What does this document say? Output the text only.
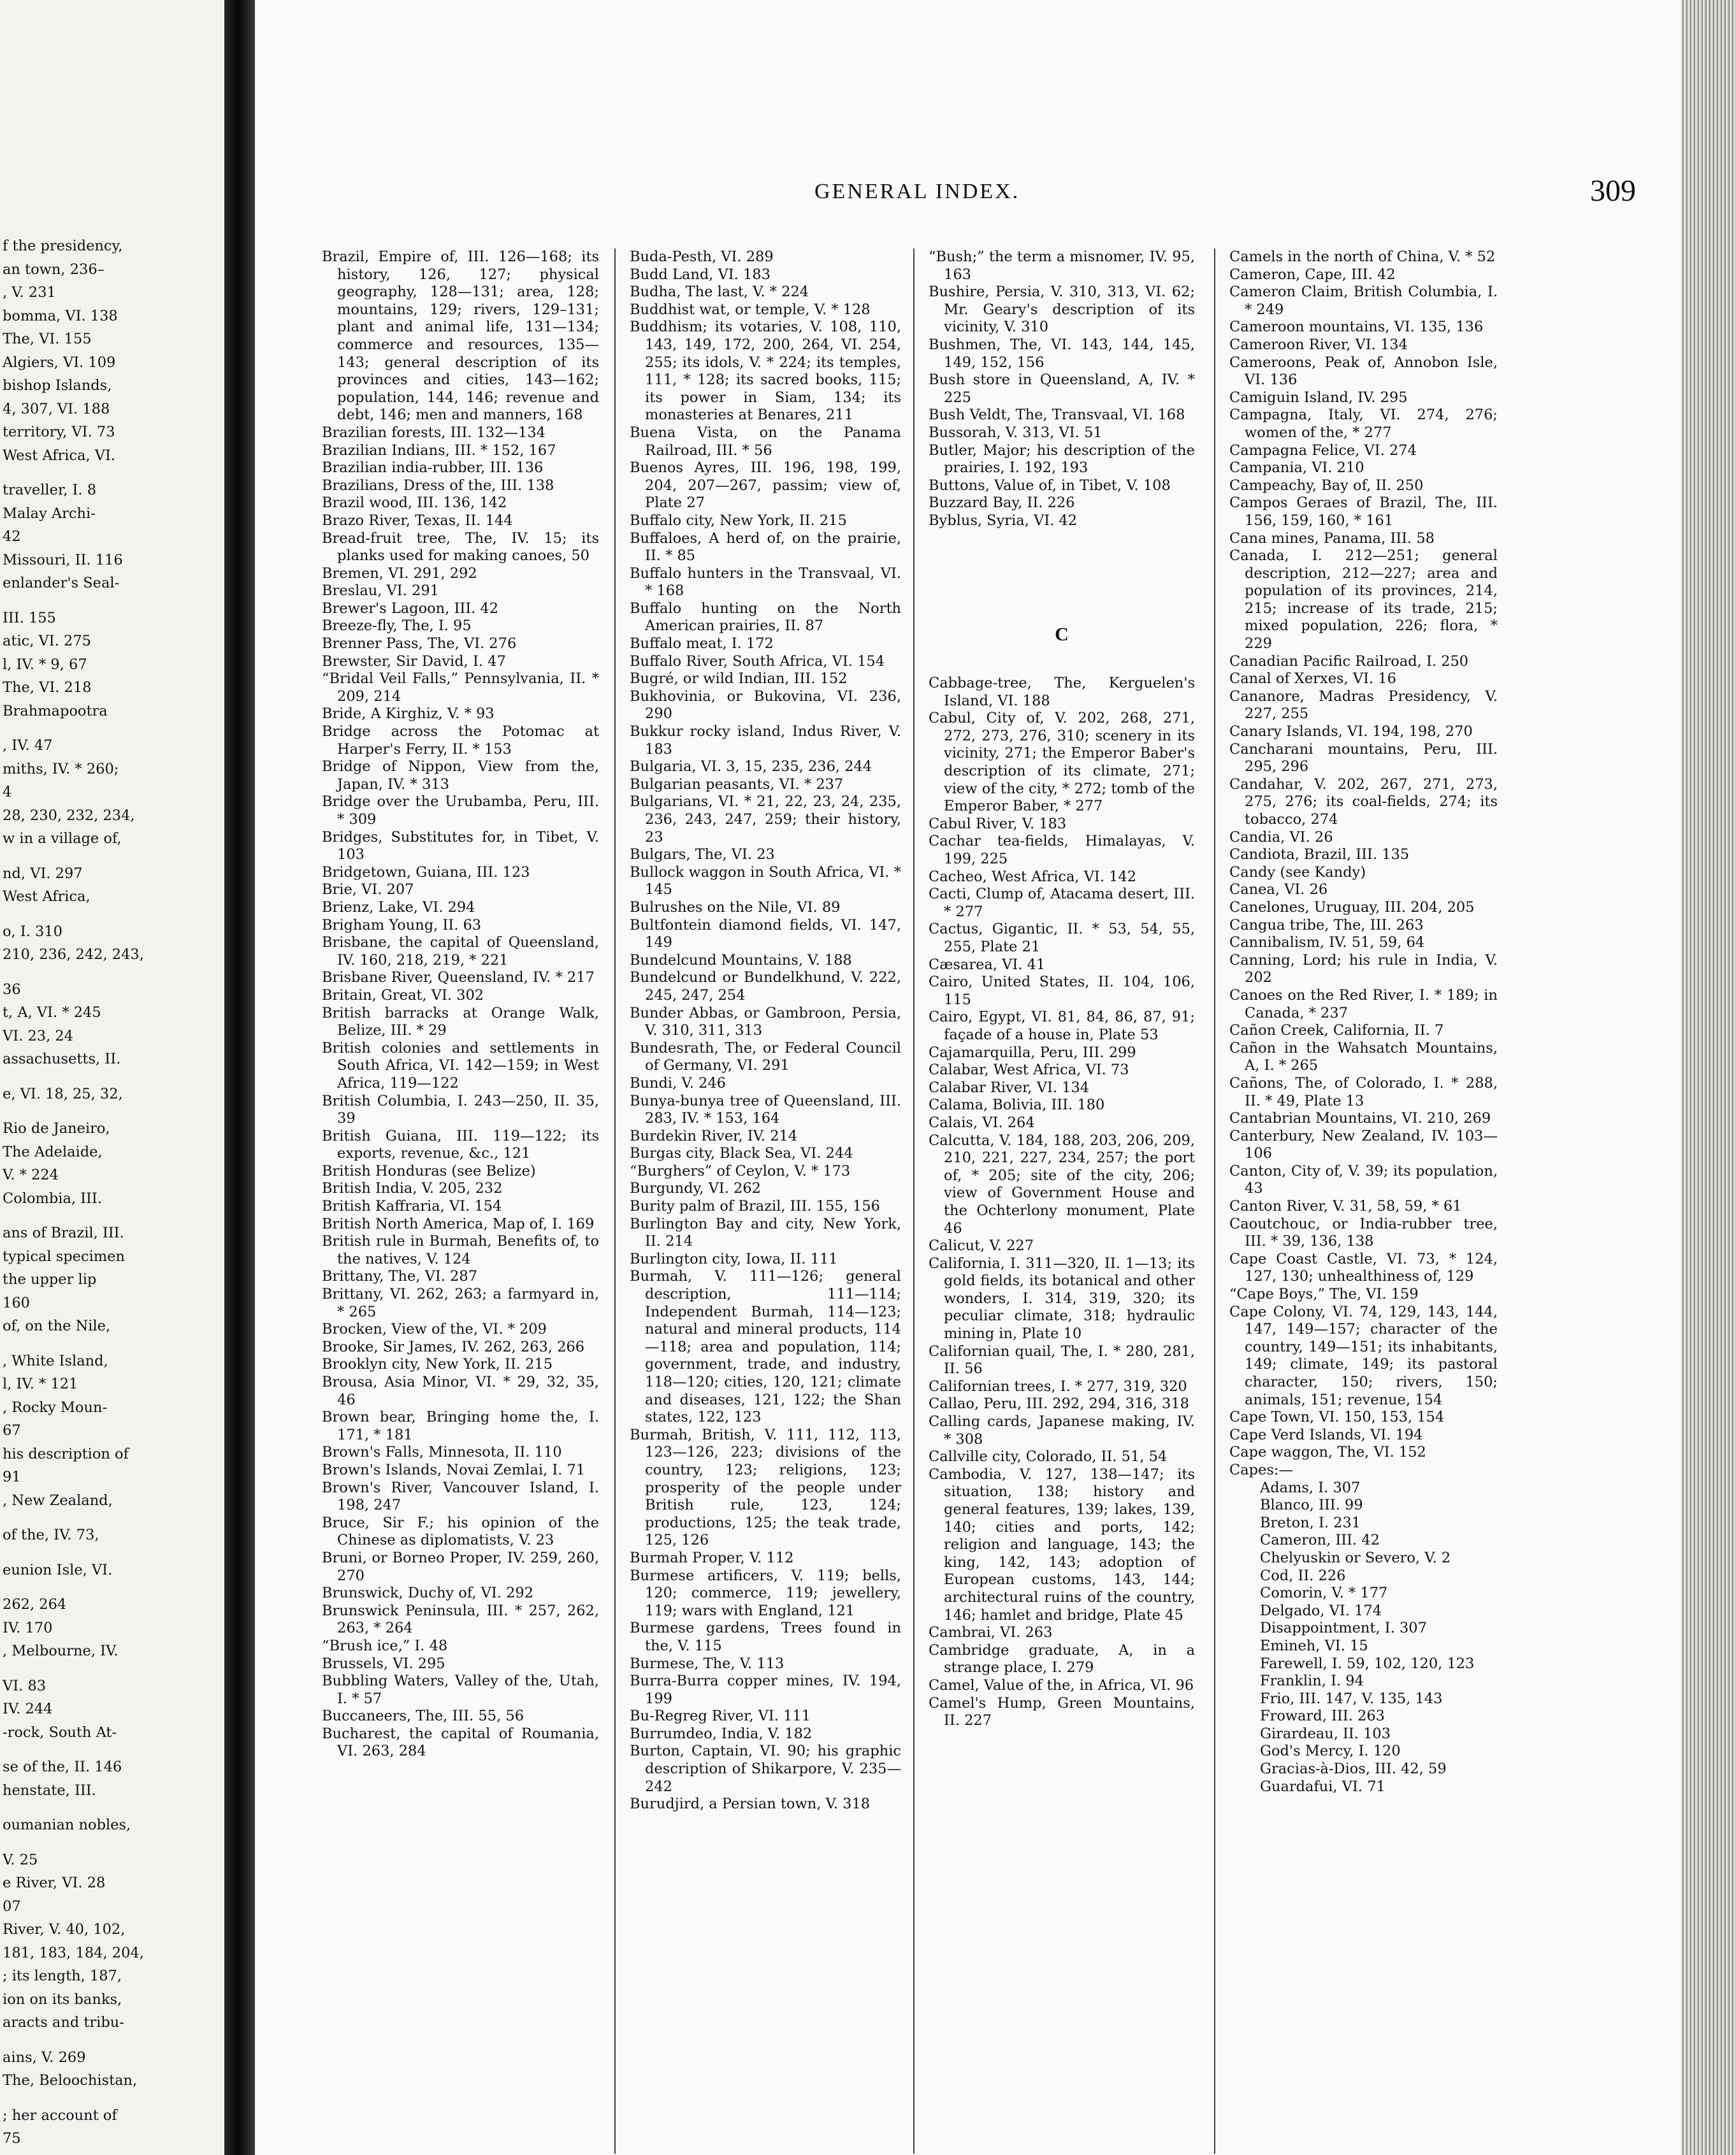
f the presidency,
an town, 236–
, V. 231
bomma, VI. 138
The, VI. 155
Algiers, VI. 109
bishop Islands,
4, 307, VI. 188
territory, VI. 73
West Africa, VI.
traveller, I. 8
Malay Archi-
42
Missouri, II. 116
enlander's Seal-
III. 155
atic, VI. 275
l, IV. * 9, 67
The, VI. 218
Brahmapootra
, IV. 47
miths, IV. * 260;
4
28, 230, 232, 234,
w in a village of,
nd, VI. 297
West Africa,
o, I. 310
210, 236, 242, 243,
36
t, A, VI. * 245
VI. 23, 24
assachusetts, II.
e, VI. 18, 25, 32,
Rio de Janeiro,
The Adelaide,
V. * 224
Colombia, III.
ans of Brazil, III.
typical specimen
the upper lip
160
of, on the Nile,
, White Island,
l, IV. * 121
, Rocky Moun-
67
his description of
91
, New Zealand,
of the, IV. 73,
eunion Isle, VI.
262, 264
IV. 170
, Melbourne, IV.
VI. 83
IV. 244
-rock, South At-
se of the, II. 146
henstate, III.
oumanian nobles,
V. 25
e River, VI. 28
07
River, V. 40, 102,
181, 183, 184, 204,
; its length, 187,
ion on its banks,
aracts and tribu-
ains, V. 269
The, Beloochistan,
; her account of
75
GENERAL INDEX.	309
Brazil, Empire of, III. 126—168; its history, 126, 127; physical geography, 128—131; area, 128; mountains, 129; rivers, 129–131; plant and animal life, 131—134; commerce and resources, 135—143; general description of its provinces and cities, 143—162; population, 144, 146; revenue and debt, 146; men and manners, 168
Brazilian forests, III. 132—134
Brazilian Indians, III. * 152, 167
Brazilian india-rubber, III. 136
Brazilians, Dress of the, III. 138
Brazil wood, III. 136, 142
Brazo River, Texas, II. 144
Bread-fruit tree, The, IV. 15; its planks used for making canoes, 50
Bremen, VI. 291, 292
Breslau, VI. 291
Brewer's Lagoon, III. 42
Breeze-fly, The, I. 95
Brenner Pass, The, VI. 276
Brewster, Sir David, I. 47
“Bridal Veil Falls,” Pennsylvania, II. * 209, 214
Bride, A Kirghiz, V. * 93
Bridge across the Potomac at Harper's Ferry, II. * 153
Bridge of Nippon, View from the, Japan, IV. * 313
Bridge over the Urubamba, Peru, III. * 309
Bridges, Substitutes for, in Tibet, V. 103
Bridgetown, Guiana, III. 123
Brie, VI. 207
Brienz, Lake, VI. 294
Brigham Young, II. 63
Brisbane, the capital of Queensland, IV. 160, 218, 219, * 221
Brisbane River, Queensland, IV. * 217
Britain, Great, VI. 302
British barracks at Orange Walk, Belize, III. * 29
British colonies and settlements in South Africa, VI. 142—159; in West Africa, 119—122
British Columbia, I. 243—250, II. 35, 39
British Guiana, III. 119—122; its exports, revenue, &c., 121
British Honduras (see Belize)
British India, V. 205, 232
British Kaffraria, VI. 154
British North America, Map of, I. 169
British rule in Burmah, Benefits of, to the natives, V. 124
Brittany, The, VI. 287
Brittany, VI. 262, 263; a farmyard in, * 265
Brocken, View of the, VI. * 209
Brooke, Sir James, IV. 262, 263, 266
Brooklyn city, New York, II. 215
Brousa, Asia Minor, VI. * 29, 32, 35, 46
Brown bear, Bringing home the, I. 171, * 181
Brown's Falls, Minnesota, II. 110
Brown's Islands, Novai Zemlai, I. 71
Brown's River, Vancouver Island, I. 198, 247
Bruce, Sir F.; his opinion of the Chinese as diplomatists, V. 23
Bruni, or Borneo Proper, IV. 259, 260, 270
Brunswick, Duchy of, VI. 292
Brunswick Peninsula, III. * 257, 262, 263, * 264
“Brush ice,” I. 48
Brussels, VI. 295
Bubbling Waters, Valley of the, Utah, I. * 57
Buccaneers, The, III. 55, 56
Bucharest, the capital of Roumania, VI. 263, 284
Buda-Pesth, VI. 289
Budd Land, VI. 183
Budha, The last, V. * 224
Buddhist wat, or temple, V. * 128
Buddhism; its votaries, V. 108, 110, 143, 149, 172, 200, 264, VI. 254, 255; its idols, V. * 224; its temples, 111, * 128; its sacred books, 115; its power in Siam, 134; its monasteries at Benares, 211
Buena Vista, on the Panama Railroad, III. * 56
Buenos Ayres, III. 196, 198, 199, 204, 207—267, passim; view of, Plate 27
Buffalo city, New York, II. 215
Buffaloes, A herd of, on the prairie, II. * 85
Buffalo hunters in the Transvaal, VI. * 168
Buffalo hunting on the North American prairies, II. 87
Buffalo meat, I. 172
Buffalo River, South Africa, VI. 154
Bugré, or wild Indian, III. 152
Bukhovinia, or Bukovina, VI. 236, 290
Bukkur rocky island, Indus River, V. 183
Bulgaria, VI. 3, 15, 235, 236, 244
Bulgarian peasants, VI. * 237
Bulgarians, VI. * 21, 22, 23, 24, 235, 236, 243, 247, 259; their history, 23
Bulgars, The, VI. 23
Bullock waggon in South Africa, VI. * 145
Bulrushes on the Nile, VI. 89
Bultfontein diamond fields, VI. 147, 149
Bundelcund Mountains, V. 188
Bundelcund or Bundelkhund, V. 222, 245, 247, 254
Bunder Abbas, or Gambroon, Persia, V. 310, 311, 313
Bundesrath, The, or Federal Council of Germany, VI. 291
Bundi, V. 246
Bunya-bunya tree of Queensland, III. 283, IV. * 153, 164
Burdekin River, IV. 214
Burgas city, Black Sea, VI. 244
“Burghers” of Ceylon, V. * 173
Burgundy, VI. 262
Burity palm of Brazil, III. 155, 156
Burlington Bay and city, New York, II. 214
Burlington city, Iowa, II. 111
Burmah, V. 111—126; general description, 111—114; Independent Burmah, 114—123; natural and mineral products, 114—118; area and population, 114; government, trade, and industry, 118—120; cities, 120, 121; climate and diseases, 121, 122; the Shan states, 122, 123
Burmah, British, V. 111, 112, 113, 123—126, 223; divisions of the country, 123; religions, 123; prosperity of the people under British rule, 123, 124; productions, 125; the teak trade, 125, 126
Burmah Proper, V. 112
Burmese artificers, V. 119; bells, 120; commerce, 119; jewellery, 119; wars with England, 121
Burmese gardens, Trees found in the, V. 115
Burmese, The, V. 113
Burra-Burra copper mines, IV. 194, 199
Bu-Regreg River, VI. 111
Burrumdeo, India, V. 182
Burton, Captain, VI. 90; his graphic description of Shikarpore, V. 235—242
Burudjird, a Persian town, V. 318
“Bush;” the term a misnomer, IV. 95, 163
Bushire, Persia, V. 310, 313, VI. 62; Mr. Geary's description of its vicinity, V. 310
Bushmen, The, VI. 143, 144, 145, 149, 152, 156
Bush store in Queensland, A, IV. * 225
Bush Veldt, The, Transvaal, VI. 168
Bussorah, V. 313, VI. 51
Butler, Major; his description of the prairies, I. 192, 193
Buttons, Value of, in Tibet, V. 108
Buzzard Bay, II. 226
Byblus, Syria, VI. 42
C
Cabbage-tree, The, Kerguelen's Island, VI. 188
Cabul, City of, V. 202, 268, 271, 272, 273, 276, 310; scenery in its vicinity, 271; the Emperor Baber's description of its climate, 271; view of the city, * 272; tomb of the Emperor Baber, * 277
Cabul River, V. 183
Cachar tea-fields, Himalayas, V. 199, 225
Cacheo, West Africa, VI. 142
Cacti, Clump of, Atacama desert, III. * 277
Cactus, Gigantic, II. * 53, 54, 55, 255, Plate 21
Cæsarea, VI. 41
Cairo, United States, II. 104, 106, 115
Cairo, Egypt, VI. 81, 84, 86, 87, 91; façade of a house in, Plate 53
Cajamarquilla, Peru, III. 299
Calabar, West Africa, VI. 73
Calabar River, VI. 134
Calama, Bolivia, III. 180
Calais, VI. 264
Calcutta, V. 184, 188, 203, 206, 209, 210, 221, 227, 234, 257; the port of, * 205; site of the city, 206; view of Government House and the Ochterlony monument, Plate 46
Calicut, V. 227
California, I. 311—320, II. 1—13; its gold fields, its botanical and other wonders, I. 314, 319, 320; its peculiar climate, 318; hydraulic mining in, Plate 10
Californian quail, The, I. * 280, 281, II. 56
Californian trees, I. * 277, 319, 320
Callao, Peru, III. 292, 294, 316, 318
Calling cards, Japanese making, IV. * 308
Callville city, Colorado, II. 51, 54
Cambodia, V. 127, 138—147; its situation, 138; history and general features, 139; lakes, 139, 140; cities and ports, 142; religion and language, 143; the king, 142, 143; adoption of European customs, 143, 144; architectural ruins of the country, 146; hamlet and bridge, Plate 45
Cambrai, VI. 263
Cambridge graduate, A, in a strange place, I. 279
Camel, Value of the, in Africa, VI. 96
Camel's Hump, Green Mountains, II. 227
Camels in the north of China, V. * 52
Cameron, Cape, III. 42
Cameron Claim, British Columbia, I. * 249
Cameroon mountains, VI. 135, 136
Cameroon River, VI. 134
Cameroons, Peak of, Annobon Isle, VI. 136
Camiguin Island, IV. 295
Campagna, Italy, VI. 274, 276; women of the, * 277
Campagna Felice, VI. 274
Campania, VI. 210
Campeachy, Bay of, II. 250
Campos Geraes of Brazil, The, III. 156, 159, 160, * 161
Cana mines, Panama, III. 58
Canada, I. 212—251; general description, 212—227; area and population of its provinces, 214, 215; increase of its trade, 215; mixed population, 226; flora, * 229
Canadian Pacific Railroad, I. 250
Canal of Xerxes, VI. 16
Cananore, Madras Presidency, V. 227, 255
Canary Islands, VI. 194, 198, 270
Cancharani mountains, Peru, III. 295, 296
Candahar, V. 202, 267, 271, 273, 275, 276; its coal-fields, 274; its tobacco, 274
Candia, VI. 26
Candiota, Brazil, III. 135
Candy (see Kandy)
Canea, VI. 26
Canelones, Uruguay, III. 204, 205
Cangua tribe, The, III. 263
Cannibalism, IV. 51, 59, 64
Canning, Lord; his rule in India, V. 202
Canoes on the Red River, I. * 189; in Canada, * 237
Cañon Creek, California, II. 7
Cañon in the Wahsatch Mountains, A, I. * 265
Cañons, The, of Colorado, I. * 288, II. * 49, Plate 13
Cantabrian Mountains, VI. 210, 269
Canterbury, New Zealand, IV. 103—106
Canton, City of, V. 39; its population, 43
Canton River, V. 31, 58, 59, * 61
Caoutchouc, or India-rubber tree, III. * 39, 136, 138
Cape Coast Castle, VI. 73, * 124, 127, 130; unhealthiness of, 129
“Cape Boys,” The, VI. 159
Cape Colony, VI. 74, 129, 143, 144, 147, 149—157; character of the country, 149—151; its inhabitants, 149; climate, 149; its pastoral character, 150; rivers, 150; animals, 151; revenue, 154
Cape Town, VI. 150, 153, 154
Cape Verd Islands, VI. 194
Cape waggon, The, VI. 152
Capes:—
Adams, I. 307
Blanco, III. 99
Breton, I. 231
Cameron, III. 42
Chelyuskin or Severo, V. 2
Cod, II. 226
Comorin, V. * 177
Delgado, VI. 174
Disappointment, I. 307
Emineh, VI. 15
Farewell, I. 59, 102, 120, 123
Franklin, I. 94
Frio, III. 147, V. 135, 143
Froward, III. 263
Girardeau, II. 103
God's Mercy, I. 120
Gracias-à-Dios, III. 42, 59
Guardafui, VI. 71
